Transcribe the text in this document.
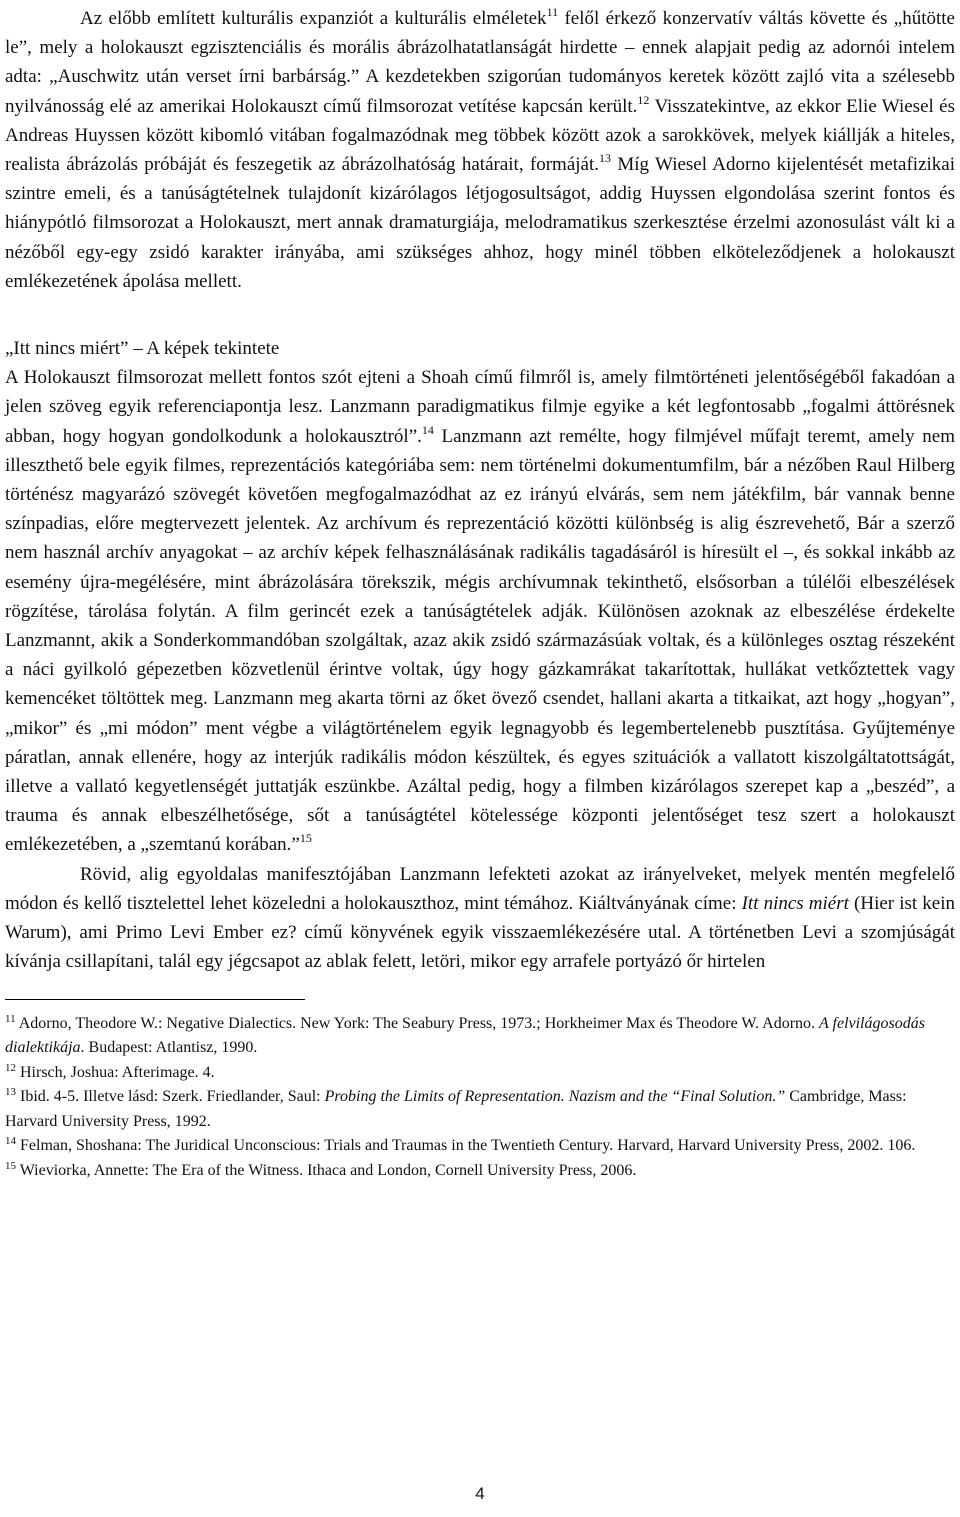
Az előbb említett kulturális expanziót a kulturális elméletek$^{11}$ felől érkező konzervatív váltás követte és „hűtötte le”, mely a holokauszt egzisztenciális és morális ábrázolhatatlanságát hirdette – ennek alapjait pedig az adornói intelem adta: „Auschwitz után verset írni barbárság.” A kezdetekben szigorúan tudományos keretek között zajló vita a szélesebb nyilvánosság elé az amerikai Holokauszt című filmsorozat vetítése kapcsán került.$^{12}$ Visszatekintve, az ekkor Elie Wiesel és Andreas Huyssen között kibomló vitában fogalmazódnak meg többek között azok a sarokkövek, melyek kiállják a hiteles, realista ábrázolás próbáját és feszegetik az ábrázolhatóság határait, formáját.$^{13}$ Míg Wiesel Adorno kijelentését metafizikai szintre emeli, és a tanúságtételnek tulajdonít kizárólagos létjogosultságot, addig Huyssen elgondolása szerint fontos és hiánypótló filmsorozat a Holokauszt, mert annak dramaturgiája, melodramatikus szerkesztése érzelmi azonosulást vált ki a nézőből egy-egy zsidó karakter irányába, ami szükséges ahhoz, hogy minél többen elköteleződjenek a holokauszt emlékezetének ápolása mellett.

„Itt nincs miért” – A képek tekintete

A Holokauszt filmsorozat mellett fontos szót ejteni a Shoah című filmről is, amely filmtörténeti jelentőségéből fakadóan a jelen szöveg egyik referenciapontja lesz. Lanzmann paradigmatikus filmje egyike a két legfontosabb „fogalmi áttörésnek abban, hogy hogyan gondolkodunk a holokausztról”.$^{14}$ Lanzmann azt remélte, hogy filmjével műfajt teremt, amely nem illeszthető bele egyik filmes, reprezentációs kategóriába sem: nem történelmi dokumentumfilm, bár a nézőben Raul Hilberg történész magyarázó szövegét követően megfogalmazódhat az ez irányú elvárás, sem nem játékfilm, bár vannak benne színpadias, előre megtervezett jelentek. Az archívum és reprezentáció közötti különbség is alig észrevehető, Bár a szerző nem használ archív anyagokat – az archív képek felhasználásának radikális tagadásáról is híresült el –, és sokkal inkább az esemény újra-megélésére, mint ábrázolására törekszik, mégis archívumnak tekinthető, elsősorban a túlélői elbeszélések rögzítése, tárolása folytán. A film gerincét ezek a tanúságtételek adják. Különösen azoknak az elbeszélése érdekelte Lanzmannt, akik a Sonderkommandóban szolgáltak, azaz akik zsidó származásúak voltak, és a különleges osztag részeként a náci gyilkoló gépezetben közvetlenül érintve voltak, úgy hogy gázkamrákat takarítottak, hullákat vetkőztettek vagy kemencéket töltöttek meg. Lanzmann meg akarta törni az őket övező csendet, hallani akarta a titkaikat, azt hogy „hogyan”, „mikor” és „mi módon” ment végbe a világtörténelem egyik legnagyobb és legembertelenebb pusztítása. Gyűjteménye páratlan, annak ellenére, hogy az interjúk radikális módon készültek, és egyes szituációk a vallatott kiszolgáltatottságát, illetve a vallató kegyetlenségét juttatják eszünkbe. Azáltal pedig, hogy a filmben kizárólagos szerepet kap a „beszéd”, a trauma és annak elbeszélhetősége, sőt a tanúságtétel kötelessége központi jelentőséget tesz szert a holokauszt emlékezetében, a „szemtanú korában.”$^{15}$

Rövid, alig egyoldalas manifesztójában Lanzmann lefekteti azokat az irányelveket, melyek mentén megfelelő módon és kellő tisztelettel lehet közeledni a holokauszthoz, mint témához. Kiáltványának címe: Itt nincs miért (Hier ist kein Warum), ami Primo Levi Ember ez? című könyvének egyik visszaemlékezésére utal. A történetben Levi a szomjúságát kívánja csillapítani, talál egy jégcsapot az ablak felett, letöri, mikor egy arrafele portyázó őr hirtelen

$^{11}$ Adorno, Theodore W.: Negative Dialectics. New York: The Seabury Press, 1973.; Horkheimer Max és Theodore W. Adorno. A felvilágosodás dialektikája. Budapest: Atlantisz, 1990.

$^{12}$ Hirsch, Joshua: Afterimage. 4.

$^{13}$ Ibid. 4-5. Illetve lásd: Szerk. Friedlander, Saul: Probing the Limits of Representation. Nazism and the “Final Solution.” Cambridge, Mass: Harvard University Press, 1992.

$^{14}$ Felman, Shoshana: The Juridical Unconscious: Trials and Traumas in the Twentieth Century. Harvard, Harvard University Press, 2002. 106.

$^{15}$ Wieviorka, Annette: The Era of the Witness. Ithaca and London, Cornell University Press, 2006.

4
